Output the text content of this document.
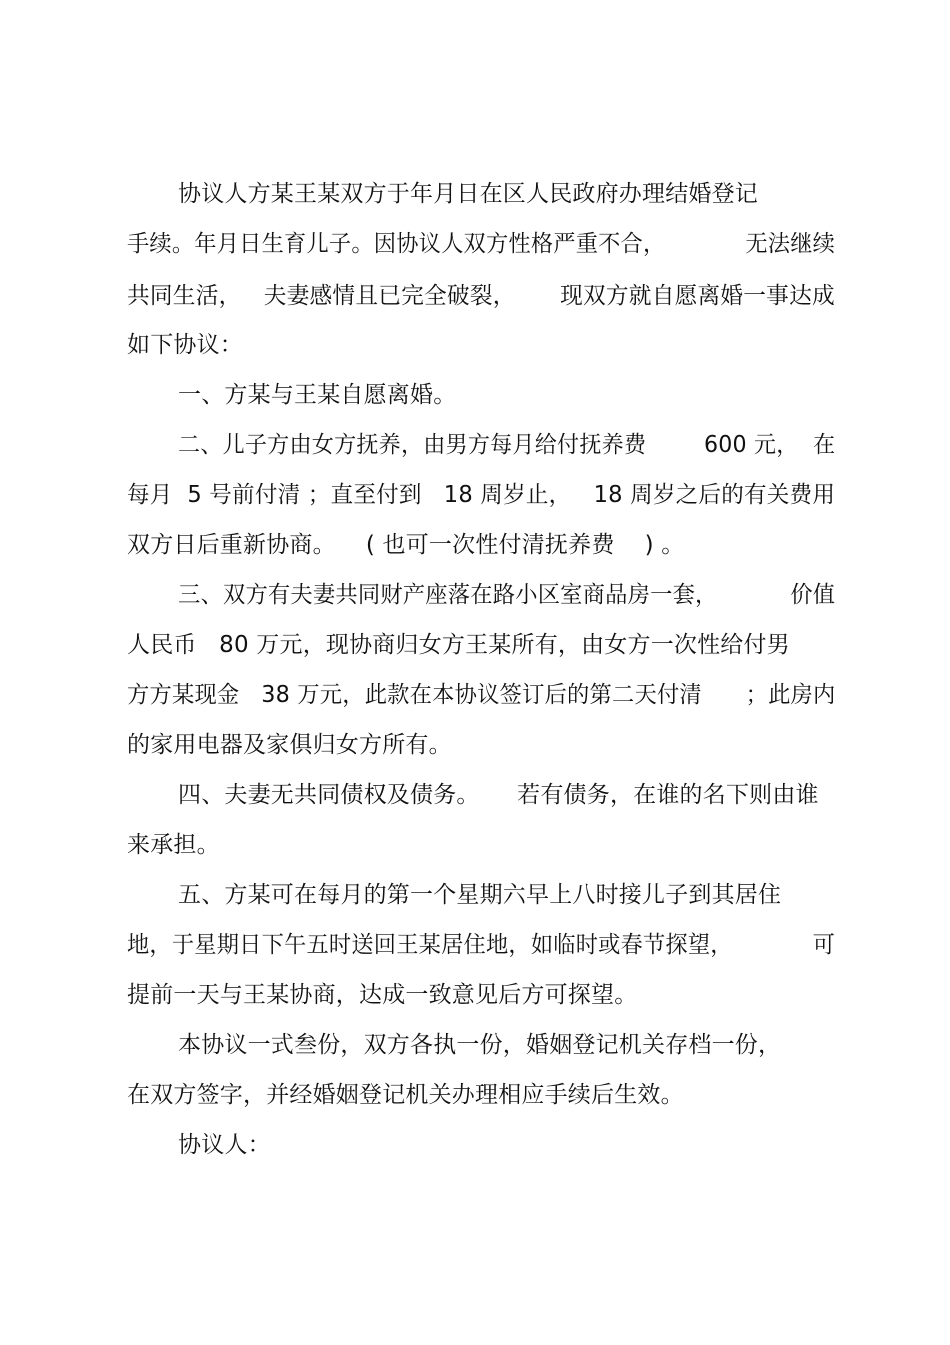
协议人方某王某双方于年月日在区人民政府办理结婚登记
手续。年月日生育儿子。因协议人双方性格严重不合，           无法继续
共同生活，   夫妻感情且已完全破裂，      现双方就自愿离婚一事达成
如下协议：
一、方某与王某自愿离婚。
二、儿子方由女方抚养，由男方每月给付抚养费        600 元，  在
每月  5 号前付清 ；直至付到   18 周岁止，   18 周岁之后的有关费用
双方日后重新协商。    ( 也可一次性付清抚养费    ) 。
三、双方有夫妻共同财产座落在路小区室商品房一套，          价值
人民币   80 万元，现协商归女方王某所有，由女方一次性给付男
方方某现金   38 万元，此款在本协议签订后的第二天付清      ；此房内
的家用电器及家俱归女方所有。
四、夫妻无共同债权及债务。     若有债务，在谁的名下则由谁
来承担。
五、方某可在每月的第一个星期六早上八时接儿子到其居住
地，于星期日下午五时送回王某居住地，如临时或春节探望，           可
提前一天与王某协商，达成一致意见后方可探望。
本协议一式叁份，双方各执一份，婚姻登记机关存档一份，
在双方签字，并经婚姻登记机关办理相应手续后生效。
协议人：
